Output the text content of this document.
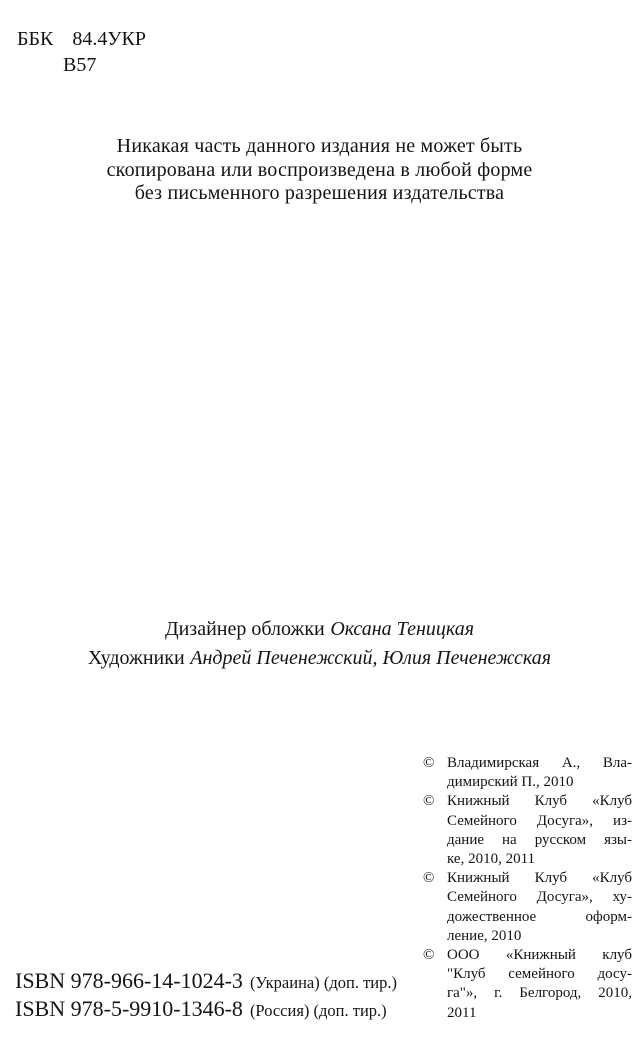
ББК 84.4УКР
В57
Никакая часть данного издания не может быть
скопирована или воспроизведена в любой форме
без письменного разрешения издательства
Дизайнер обложки Оксана Теницкая
Художники Андрей Печенежский, Юлия Печенежская
© Владимирская А., Вла-
димирский П., 2010
© Книжный Клуб «Клуб
Семейного Досуга», из-
дание на русском язы-
ке, 2010, 2011
© Книжный Клуб «Клуб
Семейного Досуга», ху-
дожественное оформ-
ление, 2010
© ООО «Книжный клуб
"Клуб семейного досу-
га"», г. Белгород, 2010,
2011
ISBN 978-966-14-1024-3 (Украина) (доп. тир.)
ISBN 978-5-9910-1346-8 (Россия) (доп. тир.)
